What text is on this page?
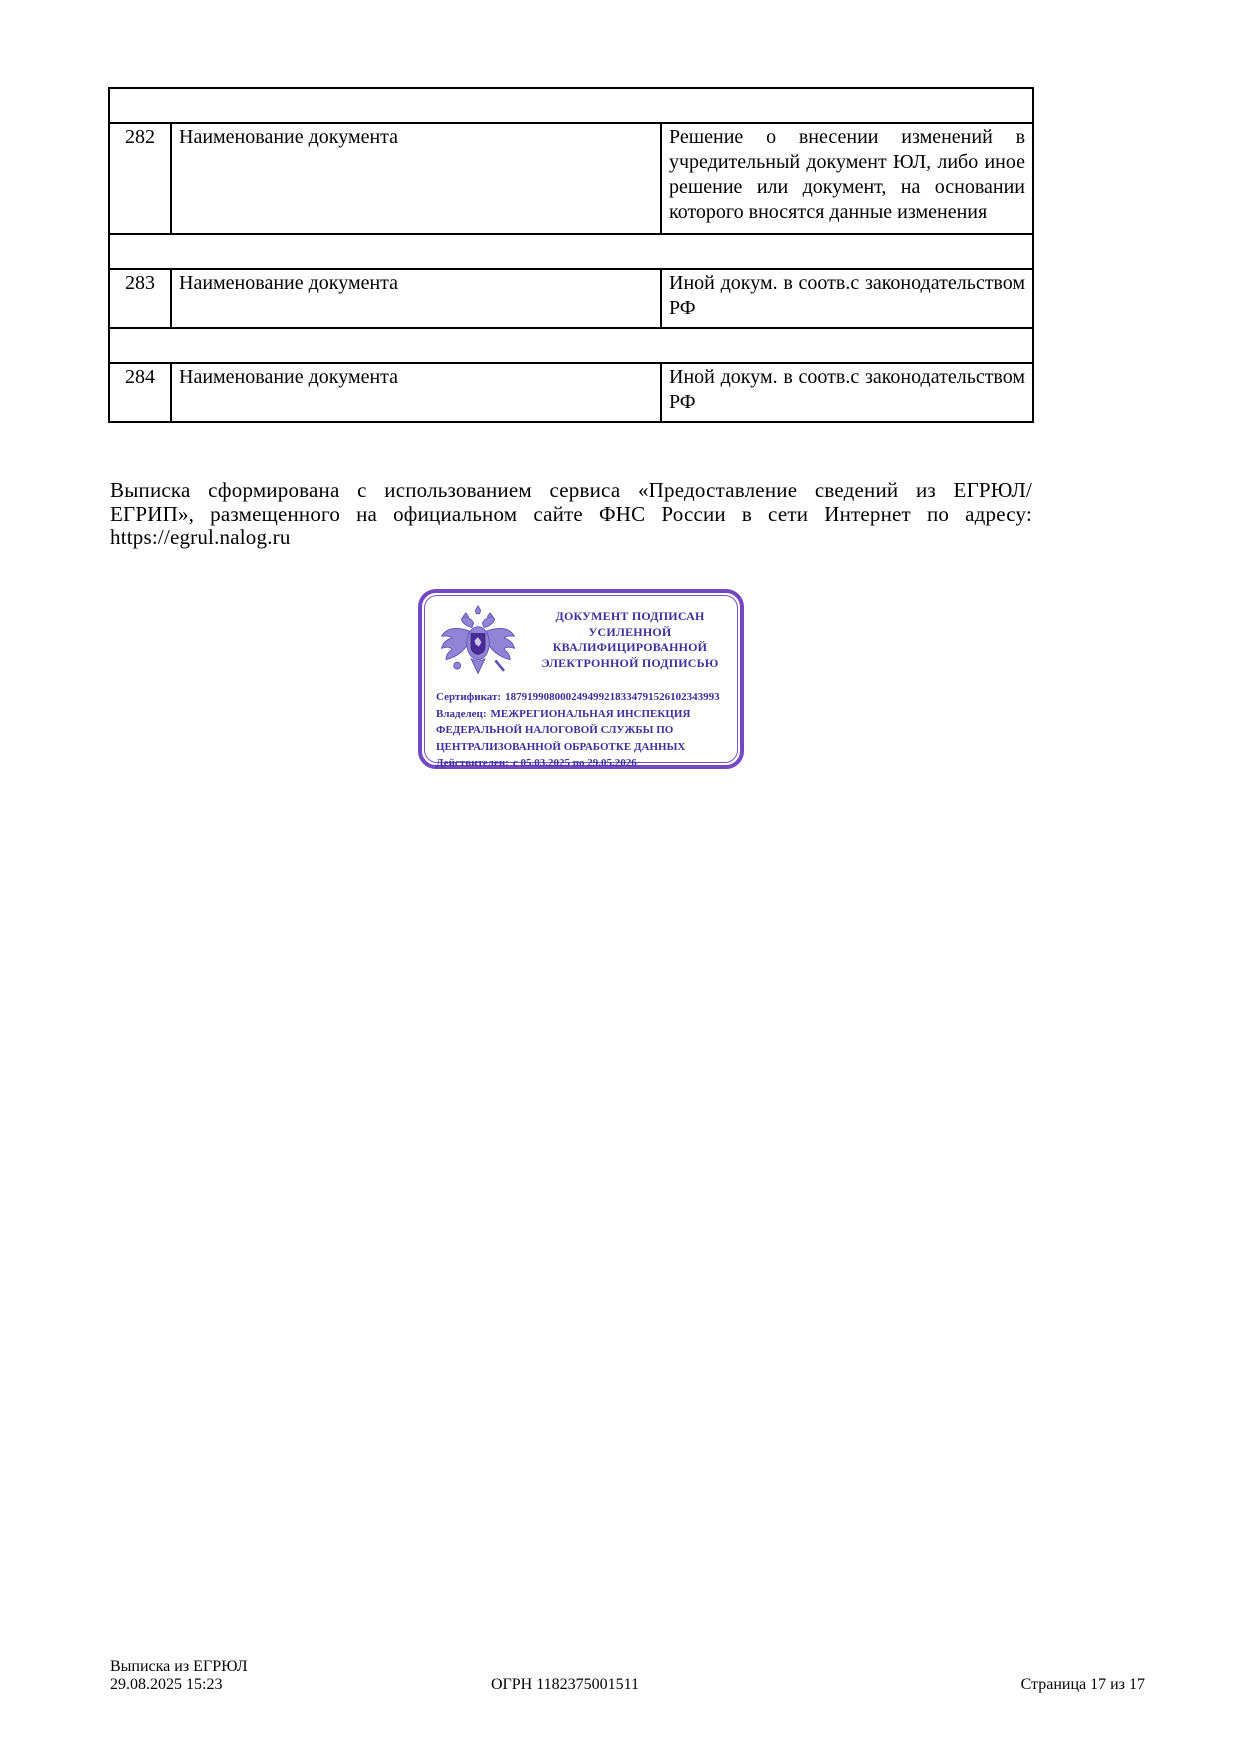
282	Наименование документа	Решение о внесении изменений в учредительный документ ЮЛ, либо иное решение или документ, на основании которого вносятся данные изменения

283	Наименование документа	Иной докум. в соотв.с законодательством РФ

284	Наименование документа	Иной докум. в соотв.с законодательством РФ
Выписка сформирована с использованием сервиса «Предоставление сведений из ЕГРЮЛ/ЕГРИП», размещенного на официальном сайте ФНС России в сети Интернет по адресу: https://egrul.nalog.ru
ДОКУМЕНТ ПОДПИСАН
УСИЛЕННОЙ КВАЛИФИЦИРОВАННОЙ
ЭЛЕКТРОННОЙ ПОДПИСЬЮ
Сертификат: 187919908000249499218334791526102343993
Владелец: МЕЖРЕГИОНАЛЬНАЯ ИНСПЕКЦИЯ ФЕДЕРАЛЬНОЙ НАЛОГОВОЙ СЛУЖБЫ ПО ЦЕНТРАЛИЗОВАННОЙ ОБРАБОТКЕ ДАННЫХ
Действителен: с 05.03.2025 по 29.05.2026
Выписка из ЕГРЮЛ
29.08.2025 15:23	ОГРН 1182375001511	Страница 17 из 17
